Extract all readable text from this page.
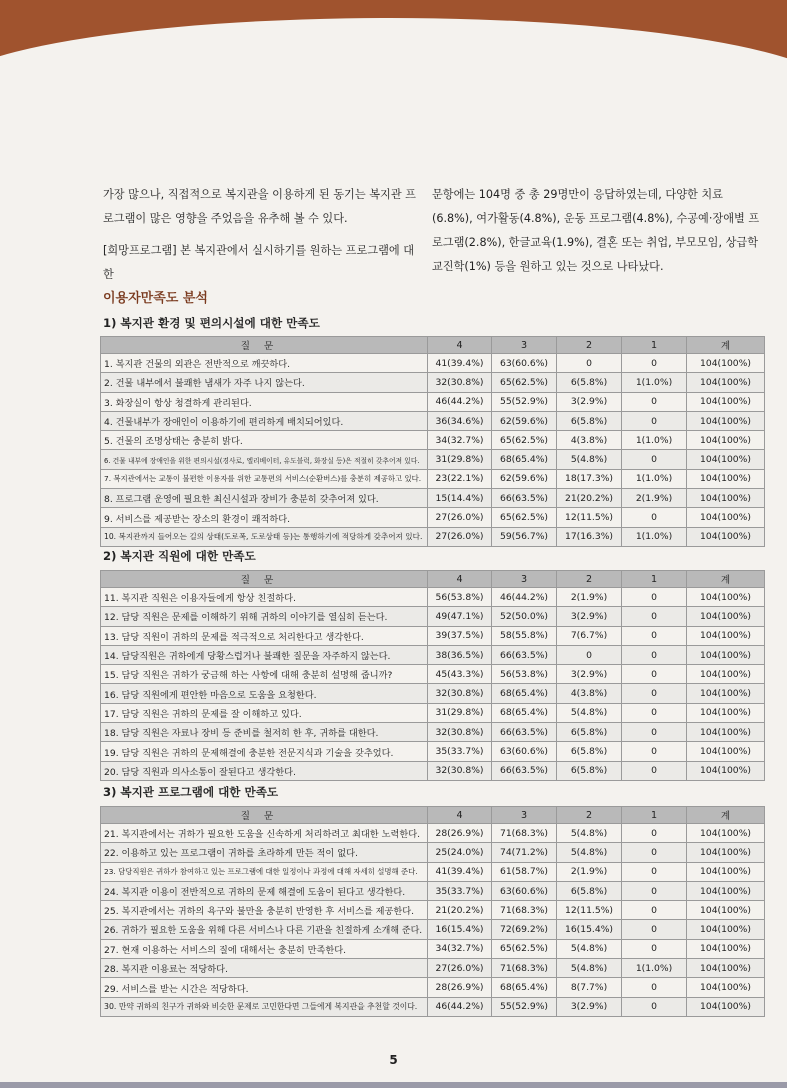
가장 많으나, 직접적으로 복지관을 이용하게 된 동기는 복지관 프로그램이 많은 영향을 주었음을 유추해 볼 수 있다.

[희망프로그램] 본 복지관에서 실시하기를 원하는 프로그램에 대한

문항에는 104명 중 총 29명만이 응답하였는데, 다양한 치료(6.8%), 여가활동(4.8%), 운동 프로그램(4.8%), 수공예·장애별 프로그램(2.8%), 한글교육(1.9%), 결혼 또는 취업, 부모모임, 상급학교진학(1%) 등을 원하고 있는 것으로 나타났다.

이용자만족도 분석
1) 복지관 환경 및 편의시설에 대한 만족도
질문	4	3	2	1	계
1. 복지관 건물의 외관은 전반적으로 깨끗하다.	41(39.4%)	63(60.6%)	0	0	104(100%)
2. 건물 내부에서 불쾌한 냄새가 자주 나지 않는다.	32(30.8%)	65(62.5%)	6(5.8%)	1(1.0%)	104(100%)
3. 화장실이 항상 청결하게 관리된다.	46(44.2%)	55(52.9%)	3(2.9%)	0	104(100%)
4. 건물내부가 장애인이 이용하기에 편리하게 배치되어있다.	36(34.6%)	62(59.6%)	6(5.8%)	0	104(100%)
5. 건물의 조명상태는 충분히 밝다.	34(32.7%)	65(62.5%)	4(3.8%)	1(1.0%)	104(100%)
6. 건물 내부에 장애인을 위한 편의시설(경사로, 엘리베이터, 유도블럭, 화장실 등)은 적절히 갖추어져 있다.	31(29.8%)	68(65.4%)	5(4.8%)	0	104(100%)
7. 복지관에서는 교통이 불편한 이용자를 위한 교통편의 서비스(순환버스)를 충분히 제공하고 있다.	23(22.1%)	62(59.6%)	18(17.3%)	1(1.0%)	104(100%)
8. 프로그램 운영에 필요한 최신시설과 장비가 충분히 갖추어져 있다.	15(14.4%)	66(63.5%)	21(20.2%)	2(1.9%)	104(100%)
9. 서비스를 제공받는 장소의 환경이 쾌적하다.	27(26.0%)	65(62.5%)	12(11.5%)	0	104(100%)
10. 복지관까지 들어오는 길의 상태(도로폭, 도로상태 등)는 통행하기에 적당하게 갖추어져 있다.	27(26.0%)	59(56.7%)	17(16.3%)	1(1.0%)	104(100%)
2) 복지관 직원에 대한 만족도
질문	4	3	2	1	계
11. 복지관 직원은 이용자들에게 항상 친절하다.	56(53.8%)	46(44.2%)	2(1.9%)	0	104(100%)
12. 담당 직원은 문제를 이해하기 위해 귀하의 이야기를 열심히 듣는다.	49(47.1%)	52(50.0%)	3(2.9%)	0	104(100%)
13. 담당 직원이 귀하의 문제를 적극적으로 처리한다고 생각한다.	39(37.5%)	58(55.8%)	7(6.7%)	0	104(100%)
14. 담당직원은 귀하에게 당황스럽거나 불쾌한 질문을 자주하지 않는다.	38(36.5%)	66(63.5%)	0	0	104(100%)
15. 담당 직원은 귀하가 궁금해 하는 사항에 대해 충분히 설명해 줍니까?	45(43.3%)	56(53.8%)	3(2.9%)	0	104(100%)
16. 담당 직원에게 편안한 마음으로 도움을 요청한다.	32(30.8%)	68(65.4%)	4(3.8%)	0	104(100%)
17. 담당 직원은 귀하의 문제를 잘 이해하고 있다.	31(29.8%)	68(65.4%)	5(4.8%)	0	104(100%)
18. 담당 직원은 자료나 장비 등 준비를 철저히 한 후, 귀하를 대한다.	32(30.8%)	66(63.5%)	6(5.8%)	0	104(100%)
19. 담당 직원은 귀하의 문제해결에 충분한 전문지식과 기술을 갖추었다.	35(33.7%)	63(60.6%)	6(5.8%)	0	104(100%)
20. 담당 직원과 의사소통이 잘된다고 생각한다.	32(30.8%)	66(63.5%)	6(5.8%)	0	104(100%)
3) 복지관 프로그램에 대한 만족도
질문	4	3	2	1	계
21. 복지관에서는 귀하가 필요한 도움을 신속하게 처리하려고 최대한 노력한다.	28(26.9%)	71(68.3%)	5(4.8%)	0	104(100%)
22. 이용하고 있는 프로그램이 귀하를 초라하게 만든 적이 없다.	25(24.0%)	74(71.2%)	5(4.8%)	0	104(100%)
23. 담당직원은 귀하가 참여하고 있는 프로그램에 대한 일정이나 과정에 대해 자세히 설명해 준다.	41(39.4%)	61(58.7%)	2(1.9%)	0	104(100%)
24. 복지관 이용이 전반적으로 귀하의 문제 해결에 도움이 된다고 생각한다.	35(33.7%)	63(60.6%)	6(5.8%)	0	104(100%)
25. 복지관에서는 귀하의 욕구와 불만을 충분히 반영한 후 서비스를 제공한다.	21(20.2%)	71(68.3%)	12(11.5%)	0	104(100%)
26. 귀하가 필요한 도움을 위해 다른 서비스나 다른 기관을 친절하게 소개해 준다.	16(15.4%)	72(69.2%)	16(15.4%)	0	104(100%)
27. 현재 이용하는 서비스의 질에 대해서는 충분히 만족한다.	34(32.7%)	65(62.5%)	5(4.8%)	0	104(100%)
28. 복지관 이용료는 적당하다.	27(26.0%)	71(68.3%)	5(4.8%)	1(1.0%)	104(100%)
29. 서비스를 받는 시간은 적당하다.	28(26.9%)	68(65.4%)	8(7.7%)	0	104(100%)
30. 만약 귀하의 친구가 귀하와 비슷한 문제로 고민한다면 그들에게 복지관을 추천할 것이다.	46(44.2%)	55(52.9%)	3(2.9%)	0	104(100%)
5
